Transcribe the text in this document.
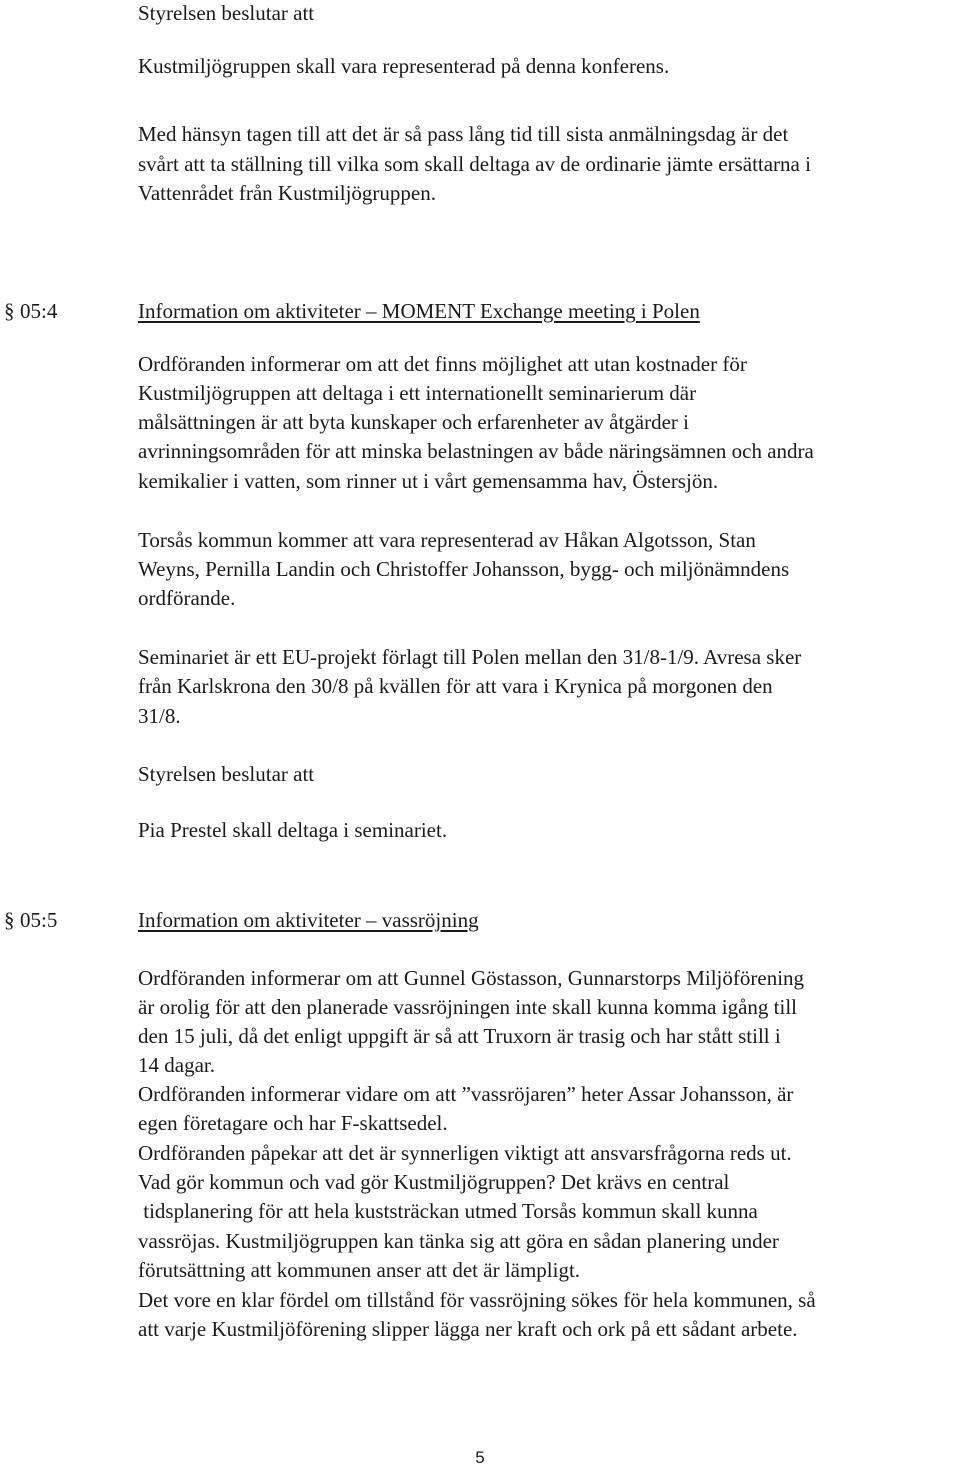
Styrelsen beslutar att
Kustmiljögruppen skall vara representerad på denna konferens.
Med hänsyn tagen till att det är så pass lång tid till sista anmälningsdag är det
svårt att ta ställning till vilka som skall deltaga av de ordinarie jämte ersättarna i
Vattenrådet från Kustmiljögruppen.
§ 05:4	Information om aktiviteter – MOMENT Exchange meeting i Polen
Ordföranden informerar om att det finns möjlighet att utan kostnader för
Kustmiljögruppen att deltaga i ett internationellt seminarierum där
målsättningen är att byta kunskaper och erfarenheter av åtgärder i
avrinningsområden för att minska belastningen av både näringsämnen och andra
kemikalier i vatten, som rinner ut i vårt gemensamma hav, Östersjön.
Torsås kommun kommer att vara representerad av Håkan Algotsson, Stan
Weyns, Pernilla Landin och Christoffer Johansson, bygg- och miljönämndens
ordförande.
Seminariet är ett EU-projekt förlagt till Polen mellan den 31/8-1/9. Avresa sker
från Karlskrona den 30/8 på kvällen för att vara i Krynica på morgonen den
31/8.
Styrelsen beslutar att
Pia Prestel skall deltaga i seminariet.
§ 05:5	Information om aktiviteter – vassröjning
Ordföranden informerar om att Gunnel Göstasson, Gunnarstorps Miljöförening
är orolig för att den planerade vassröjningen inte skall kunna komma igång till
den 15 juli, då det enligt uppgift är så att Truxorn är trasig och har stått still i
14 dagar.
Ordföranden informerar vidare om att ”vassröjaren” heter Assar Johansson, är
egen företagare och har F-skattsedel.
Ordföranden påpekar att det är synnerligen viktigt att ansvarsfrågorna reds ut.
Vad gör kommun och vad gör Kustmiljögruppen? Det krävs en central
tidsplanering för att hela kuststräckan utmed Torsås kommun skall kunna
vassröjas. Kustmiljögruppen kan tänka sig att göra en sådan planering under
förutsättning att kommunen anser att det är lämpligt.
Det vore en klar fördel om tillstånd för vassröjning sökes för hela kommunen, så
att varje Kustmiljöförening slipper lägga ner kraft och ork på ett sådant arbete.
5
